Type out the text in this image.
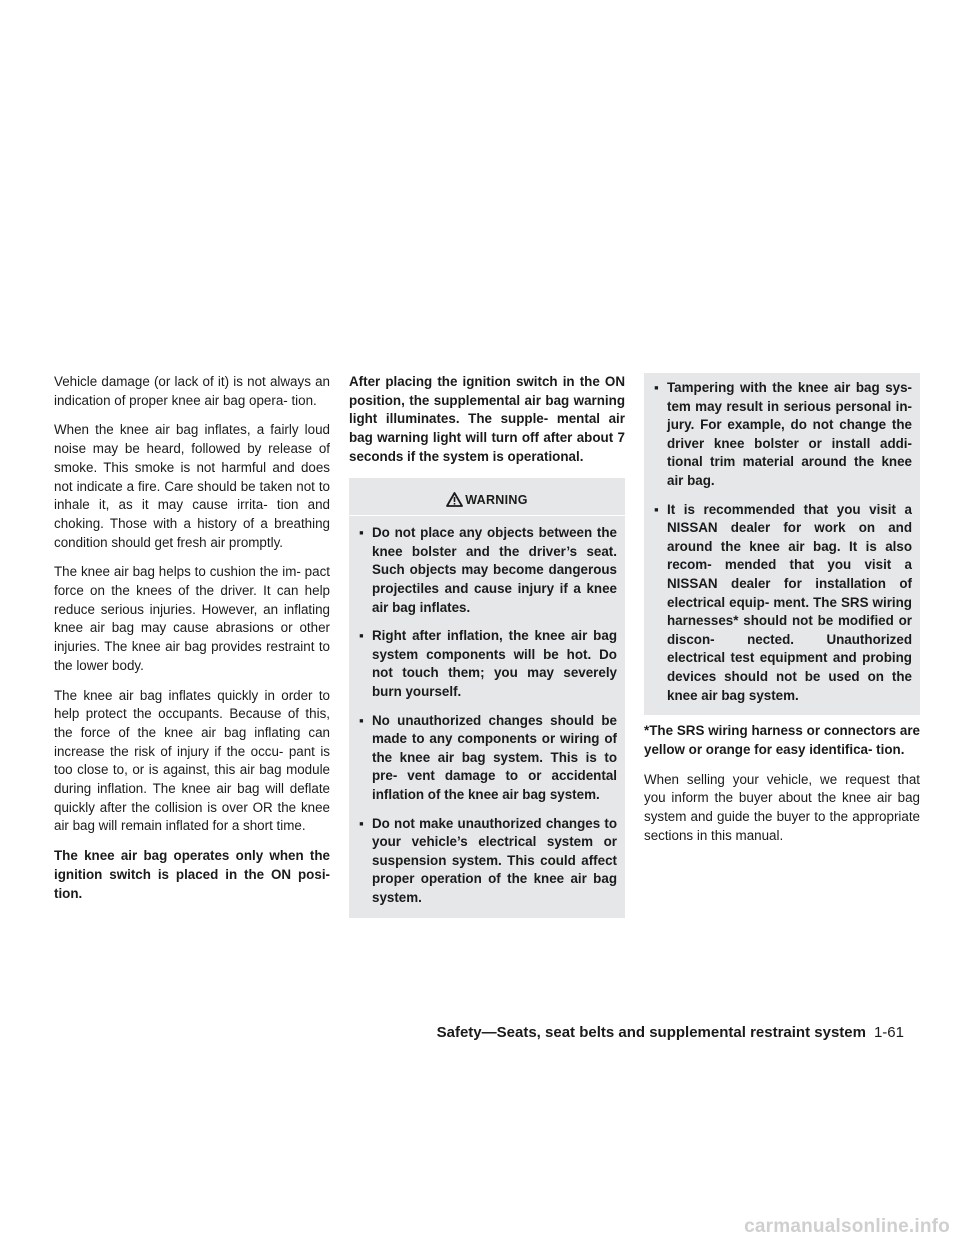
Vehicle damage (or lack of it) is not always an indication of proper knee air bag opera- tion.

When the knee air bag inflates, a fairly loud noise may be heard, followed by release of smoke. This smoke is not harmful and does not indicate a fire. Care should be taken not to inhale it, as it may cause irrita- tion and choking. Those with a history of a breathing condition should get fresh air promptly.

The knee air bag helps to cushion the im- pact force on the knees of the driver. It can help reduce serious injuries. However, an inflating knee air bag may cause abrasions or other injuries. The knee air bag provides restraint to the lower body.

The knee air bag inflates quickly in order to help protect the occupants. Because of this, the force of the knee air bag inflating can increase the risk of injury if the occu- pant is too close to, or is against, this air bag module during inflation. The knee air bag will deflate quickly after the collision is over OR the knee air bag will remain inflated for a short time.

The knee air bag operates only when the ignition switch is placed in the ON posi- tion.

After placing the ignition switch in the ON position, the supplemental air bag warning light illuminates. The supple- mental air bag warning light will turn off after about 7 seconds if the system is operational.

WARNING
▪ Do not place any objects between the knee bolster and the driver’s seat. Such objects may become dangerous projectiles and cause injury if a knee air bag inflates.
▪ Right after inflation, the knee air bag system components will be hot. Do not touch them; you may severely burn yourself.
▪ No unauthorized changes should be made to any components or wiring of the knee air bag system. This is to pre- vent damage to or accidental inflation of the knee air bag system.
▪ Do not make unauthorized changes to your vehicle’s electrical system or suspension system. This could affect proper operation of the knee air bag system.
▪ Tampering with the knee air bag sys- tem may result in serious personal in- jury. For example, do not change the driver knee bolster or install addi- tional trim material around the knee air bag.
▪ It is recommended that you visit a NISSAN dealer for work on and around the knee air bag. It is also recom- mended that you visit a NISSAN dealer for installation of electrical equip- ment. The SRS wiring harnesses* should not be modified or discon- nected. Unauthorized electrical test equipment and probing devices should not be used on the knee air bag system.

*The SRS wiring harness or connectors are yellow or orange for easy identifica- tion.

When selling your vehicle, we request that you inform the buyer about the knee air bag system and guide the buyer to the appropriate sections in this manual.

Safety—Seats, seat belts and supplemental restraint system 1-61
carmanualsonline.info
